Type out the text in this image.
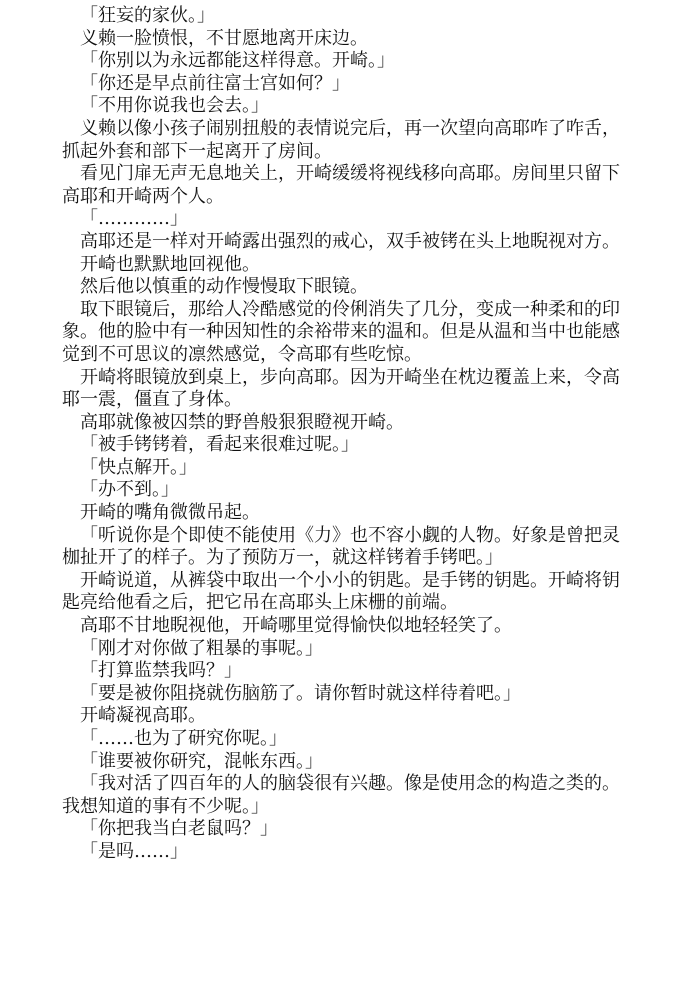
「狂妄的家伙。」

义赖一脸愤恨，不甘愿地离开床边。

「你别以为永远都能这样得意。开崎。」

「你还是早点前往富士宫如何？」

「不用你说我也会去。」

义赖以像小孩子闹别扭般的表情说完后，再一次望向高耶咋了咋舌，抓起外套和部下一起离开了房间。

看见门扉无声无息地关上，开崎缓缓将视线移向高耶。房间里只留下高耶和开崎两个人。

「…………」

高耶还是一样对开崎露出强烈的戒心，双手被铐在头上地睨视对方。

开崎也默默地回视他。

然后他以慎重的动作慢慢取下眼镜。

取下眼镜后，那给人冷酷感觉的伶俐消失了几分，变成一种柔和的印象。他的脸中有一种因知性的余裕带来的温和。但是从温和当中也能感觉到不可思议的凛然感觉，令高耶有些吃惊。

开崎将眼镜放到桌上，步向高耶。因为开崎坐在枕边覆盖上来，令高耶一震，僵直了身体。

高耶就像被囚禁的野兽般狠狠瞪视开崎。

「被手铐铐着，看起来很难过呢。」

「快点解开。」

「办不到。」

开崎的嘴角微微吊起。

「听说你是个即使不能使用《力》也不容小觑的人物。好象是曾把灵枷扯开了的样子。为了预防万一，就这样铐着手铐吧。」

开崎说道，从裤袋中取出一个小小的钥匙。是手铐的钥匙。开崎将钥匙亮给他看之后，把它吊在高耶头上床栅的前端。

高耶不甘地睨视他，开崎哪里觉得愉快似地轻轻笑了。

「刚才对你做了粗暴的事呢。」

「打算监禁我吗？」

「要是被你阻挠就伤脑筋了。请你暂时就这样待着吧。」

开崎凝视高耶。

「……也为了研究你呢。」

「谁要被你研究，混帐东西。」

「我对活了四百年的人的脑袋很有兴趣。像是使用念的构造之类的。我想知道的事有不少呢。」

「你把我当白老鼠吗？」

「是吗……」
